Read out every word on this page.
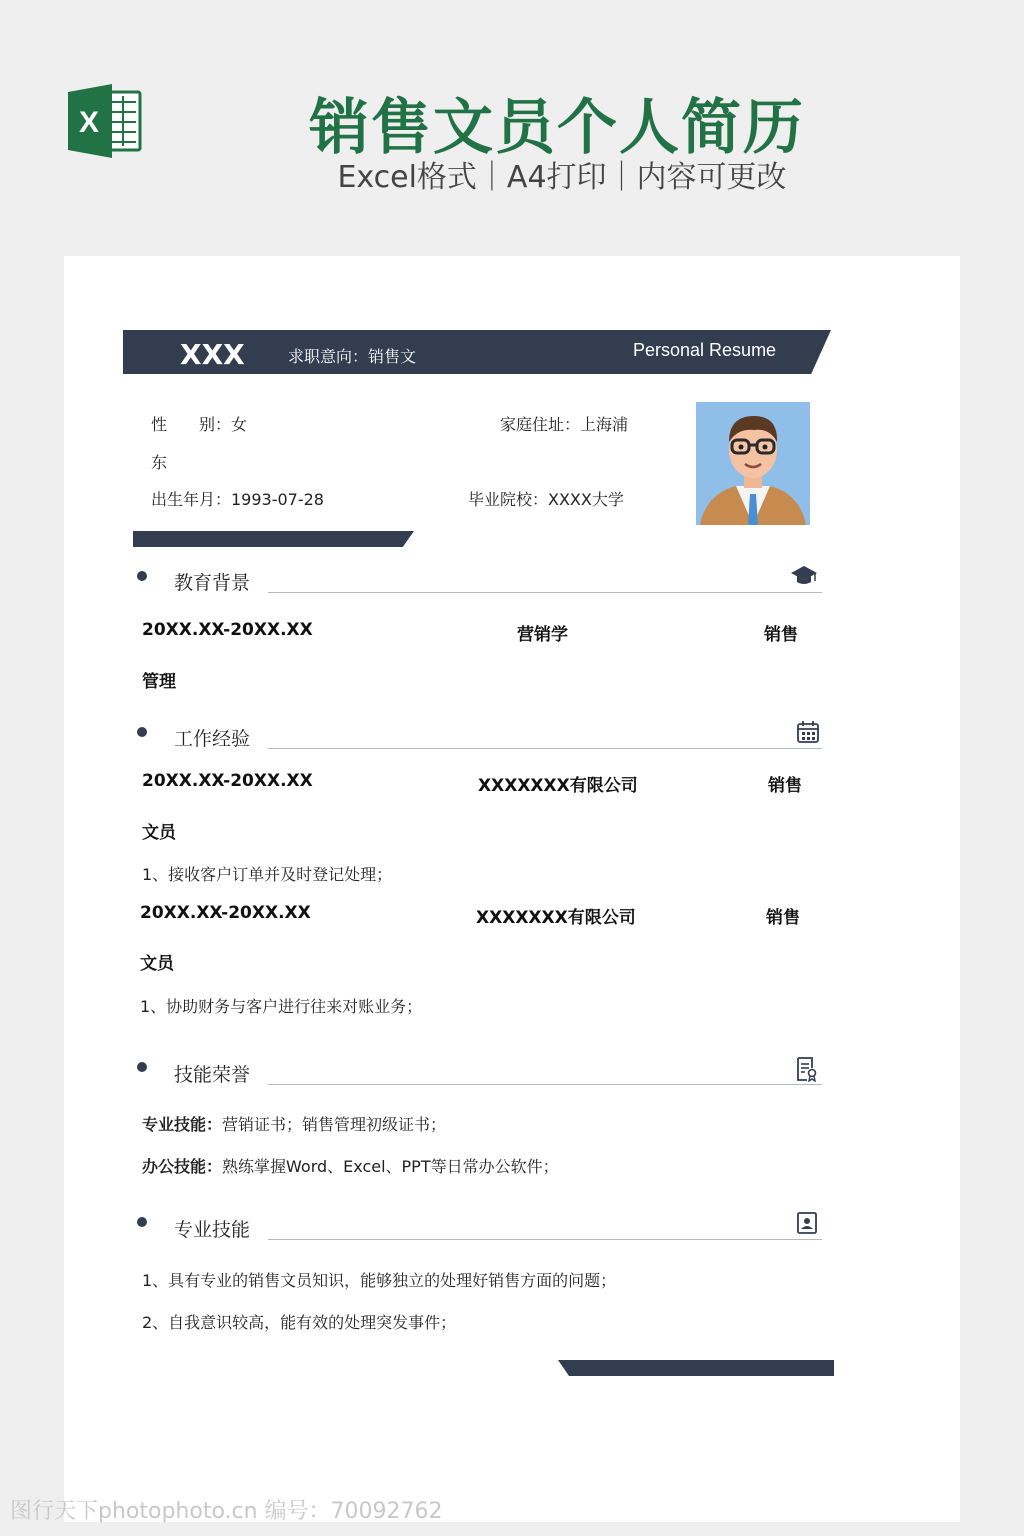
X	销售文员个人简历
Excel格式｜A4打印｜内容可更改
XXX	求职意向：销售文	Personal Resume
性　　别：女	家庭住址：上海浦
东
出生年月：1993-07-28	毕业院校：XXXX大学
教育背景
20XX.XX-20XX.XX	营销学	销售
管理
工作经验
20XX.XX-20XX.XX	XXXXXXX有限公司	销售
文员
1、接收客户订单并及时登记处理；
20XX.XX-20XX.XX	XXXXXXX有限公司	销售
文员
1、协助财务与客户进行往来对账业务；
技能荣誉
专业技能：营销证书；销售管理初级证书；
办公技能：熟练掌握Word、Excel、PPT等日常办公软件；
专业技能
1、具有专业的销售文员知识，能够独立的处理好销售方面的问题；
2、自我意识较高，能有效的处理突发事件；
图行天下photophoto.cn 编号：70092762
